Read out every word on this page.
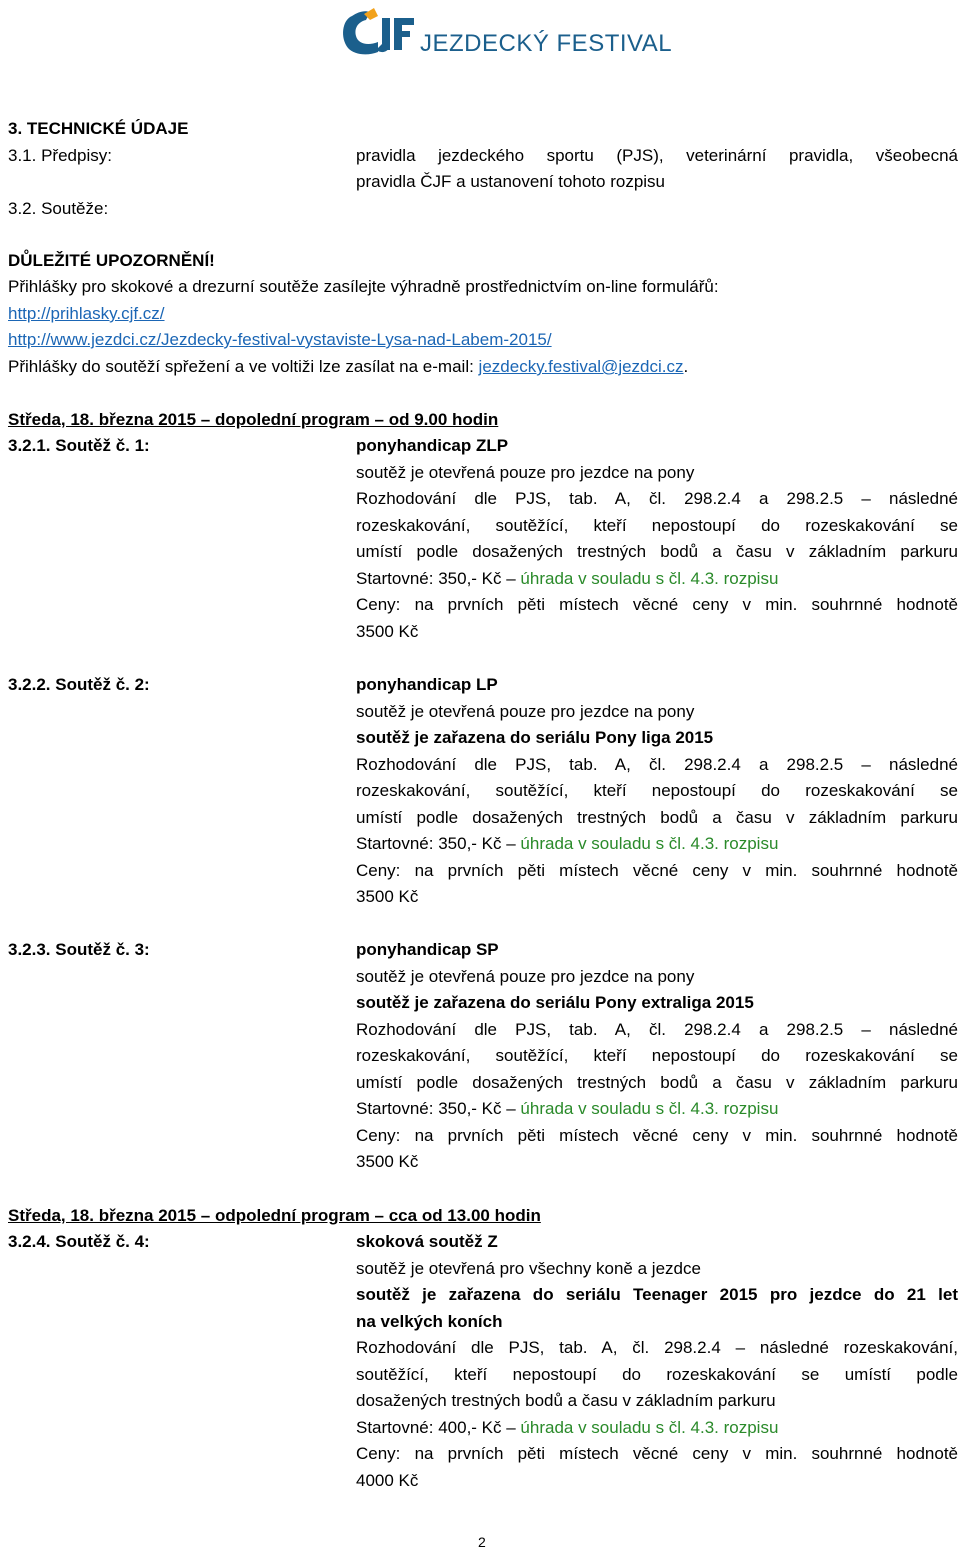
JEZDECKÝ FESTIVAL
3. TECHNICKÉ ÚDAJE
3.1. Předpisy:	pravidla jezdeckého sportu (PJS), veterinární pravidla, všeobecná
pravidla ČJF a ustanovení tohoto rozpisu
3.2. Soutěže:
DŮLEŽITÉ UPOZORNĚNÍ!
Přihlášky pro skokové a drezurní soutěže zasílejte výhradně prostřednictvím on-line formulářů:
http://prihlasky.cjf.cz/
http://www.jezdci.cz/Jezdecky-festival-vystaviste-Lysa-nad-Labem-2015/
Přihlášky do soutěží spřežení a ve voltiži lze zasílat na e-mail: jezdecky.festival@jezdci.cz.
Středa, 18. března 2015 – dopolední program – od 9.00 hodin
3.2.1. Soutěž č. 1:	ponyhandicap ZLP
soutěž je otevřená pouze pro jezdce na pony
Rozhodování dle PJS, tab. A, čl. 298.2.4 a 298.2.5 – následné
rozeskakování, soutěžící, kteří nepostoupí do rozeskakování se
umístí podle dosažených trestných bodů a času v základním parkuru
Startovné: 350,- Kč – úhrada v souladu s čl. 4.3. rozpisu
Ceny: na prvních pěti místech věcné ceny v min. souhrnné hodnotě
3500 Kč
3.2.2. Soutěž č. 2:	ponyhandicap LP
soutěž je otevřená pouze pro jezdce na pony
soutěž je zařazena do seriálu Pony liga 2015
Rozhodování dle PJS, tab. A, čl. 298.2.4 a 298.2.5 – následné
rozeskakování, soutěžící, kteří nepostoupí do rozeskakování se
umístí podle dosažených trestných bodů a času v základním parkuru
Startovné: 350,- Kč – úhrada v souladu s čl. 4.3. rozpisu
Ceny: na prvních pěti místech věcné ceny v min. souhrnné hodnotě
3500 Kč
3.2.3. Soutěž č. 3:	ponyhandicap SP
soutěž je otevřená pouze pro jezdce na pony
soutěž je zařazena do seriálu Pony extraliga 2015
Rozhodování dle PJS, tab. A, čl. 298.2.4 a 298.2.5 – následné
rozeskakování, soutěžící, kteří nepostoupí do rozeskakování se
umístí podle dosažených trestných bodů a času v základním parkuru
Startovné: 350,- Kč – úhrada v souladu s čl. 4.3. rozpisu
Ceny: na prvních pěti místech věcné ceny v min. souhrnné hodnotě
3500 Kč
Středa, 18. března 2015 – odpolední program – cca od 13.00 hodin
3.2.4. Soutěž č. 4:	skoková soutěž Z
soutěž je otevřená pro všechny koně a jezdce
soutěž je zařazena do seriálu Teenager 2015 pro jezdce do 21 let
na velkých koních
Rozhodování dle PJS, tab. A, čl. 298.2.4 – následné rozeskakování,
soutěžící, kteří nepostoupí do rozeskakování se umístí podle
dosažených trestných bodů a času v základním parkuru
Startovné: 400,- Kč – úhrada v souladu s čl. 4.3. rozpisu
Ceny: na prvních pěti místech věcné ceny v min. souhrnné hodnotě
4000 Kč
2
